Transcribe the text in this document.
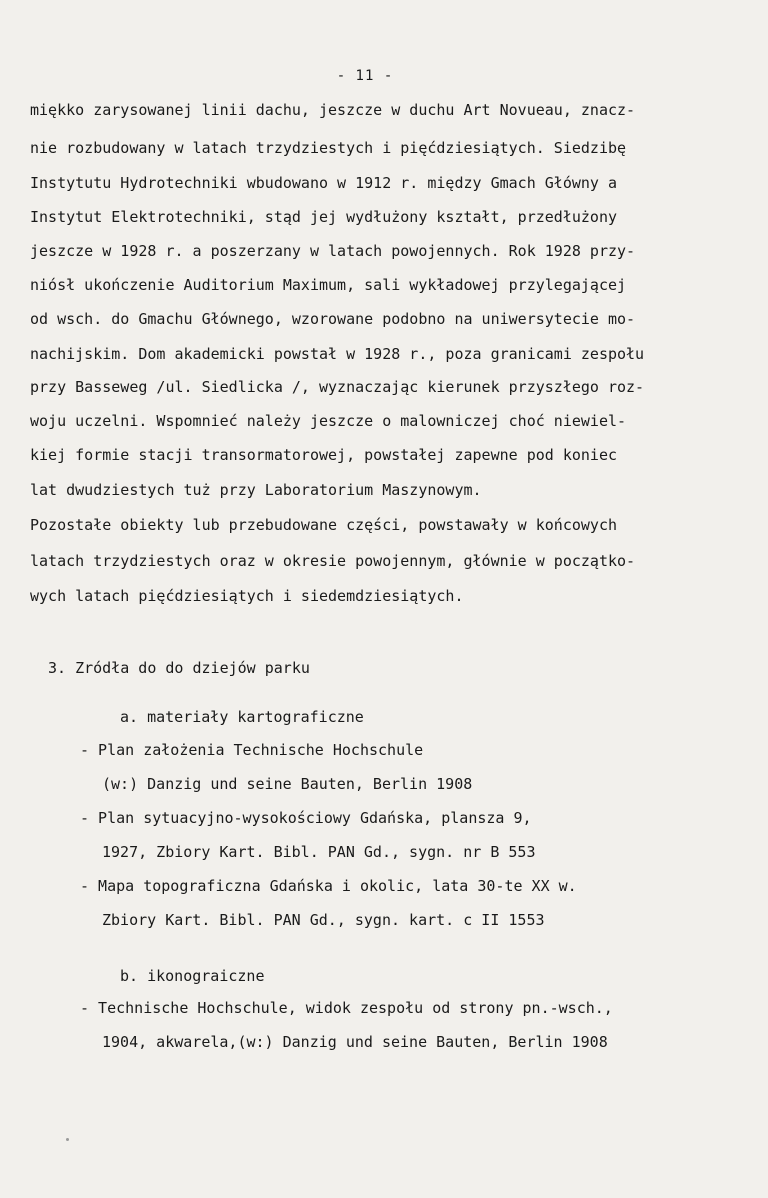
- 11 -
miękko zarysowanej linii dachu, jeszcze w duchu Art Novueau, znacz-
nie rozbudowany w latach trzydziestych i pięćdziesiątych. Siedzibę
Instytutu Hydrotechniki wbudowano w 1912 r. między Gmach Główny a
Instytut Elektrotechniki, stąd jej wydłużony kształt, przedłużony
jeszcze w 1928 r. a poszerzany w latach powojennych. Rok 1928 przy-
niósł ukończenie Auditorium Maximum, sali wykładowej przylegającej
od wsch. do Gmachu Głównego, wzorowane podobno na uniwersytecie mo-
nachijskim. Dom akademicki powstał w 1928 r., poza granicami zespołu
przy Basseweg /ul. Siedlicka /, wyznaczając kierunek przyszłego roz-
woju uczelni. Wspomnieć należy jeszcze o malowniczej choć niewiel-
kiej formie stacji transormatorowej, powstałej zapewne pod koniec
lat dwudziestych tuż przy Laboratorium Maszynowym.
Pozostałe obiekty lub przebudowane części, powstawały w końcowych
latach trzydziestych oraz w okresie powojennym, głównie w początko-
wych latach pięćdziesiątych i siedemdziesiątych.
3. Zródła do do dziejów parku
a. materiały kartograficzne
- Plan założenia Technische Hochschule
(w:) Danzig und seine Bauten, Berlin 1908
- Plan sytuacyjno-wysokościowy Gdańska, plansza 9,
1927, Zbiory Kart. Bibl. PAN Gd., sygn. nr B 553
- Mapa topograficzna Gdańska i okolic, lata 30-te XX w.
Zbiory Kart. Bibl. PAN Gd., sygn. kart. c II 1553
b. ikonograiczne
- Technische Hochschule, widok zespołu od strony pn.-wsch.,
1904, akwarela,(w:) Danzig und seine Bauten, Berlin 1908
